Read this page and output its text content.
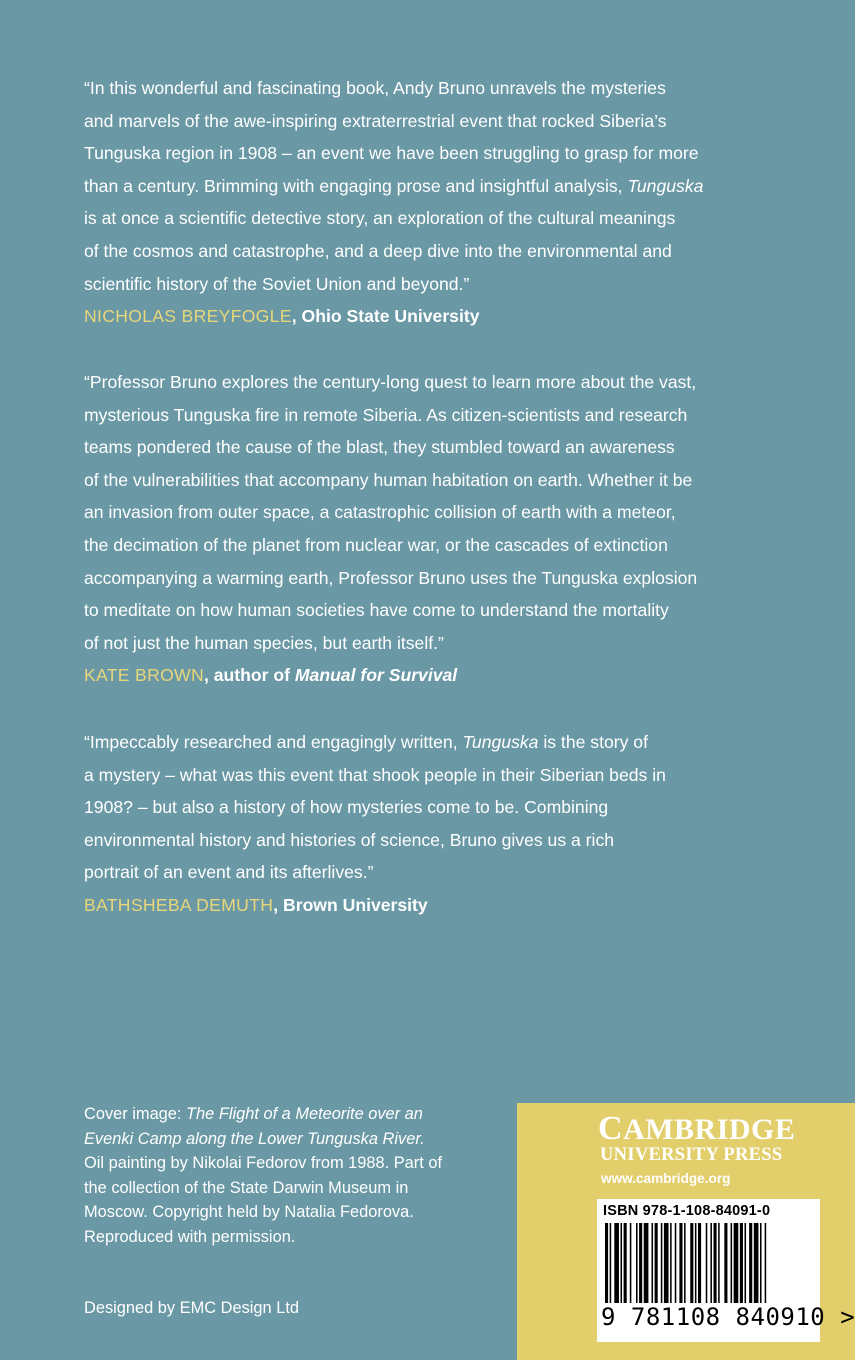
“In this wonderful and fascinating book, Andy Bruno unravels the mysteries
and marvels of the awe-inspiring extraterrestrial event that rocked Siberia’s
Tunguska region in 1908 – an event we have been struggling to grasp for more
than a century. Brimming with engaging prose and insightful analysis, Tunguska
is at once a scientific detective story, an exploration of the cultural meanings
of the cosmos and catastrophe, and a deep dive into the environmental and
scientific history of the Soviet Union and beyond.”
NICHOLAS BREYFOGLE, Ohio State University
“Professor Bruno explores the century-long quest to learn more about the vast,
mysterious Tunguska fire in remote Siberia. As citizen-scientists and research
teams pondered the cause of the blast, they stumbled toward an awareness
of the vulnerabilities that accompany human habitation on earth. Whether it be
an invasion from outer space, a catastrophic collision of earth with a meteor,
the decimation of the planet from nuclear war, or the cascades of extinction
accompanying a warming earth, Professor Bruno uses the Tunguska explosion
to meditate on how human societies have come to understand the mortality
of not just the human species, but earth itself.”
KATE BROWN, author of Manual for Survival
“Impeccably researched and engagingly written, Tunguska is the story of
a mystery – what was this event that shook people in their Siberian beds in
1908? – but also a history of how mysteries come to be. Combining
environmental history and histories of science, Bruno gives us a rich
portrait of an event and its afterlives.”
BATHSHEBA DEMUTH, Brown University
Cover image: The Flight of a Meteorite over an Evenki Camp along the Lower Tunguska River. Oil painting by Nikolai Fedorov from 1988. Part of the collection of the State Darwin Museum in Moscow. Copyright held by Natalia Fedorova. Reproduced with permission.
Designed by EMC Design Ltd
CAMBRIDGE
UNIVERSITY PRESS
www.cambridge.org
ISBN 978-1-108-84091-0
9 781108 840910 >
